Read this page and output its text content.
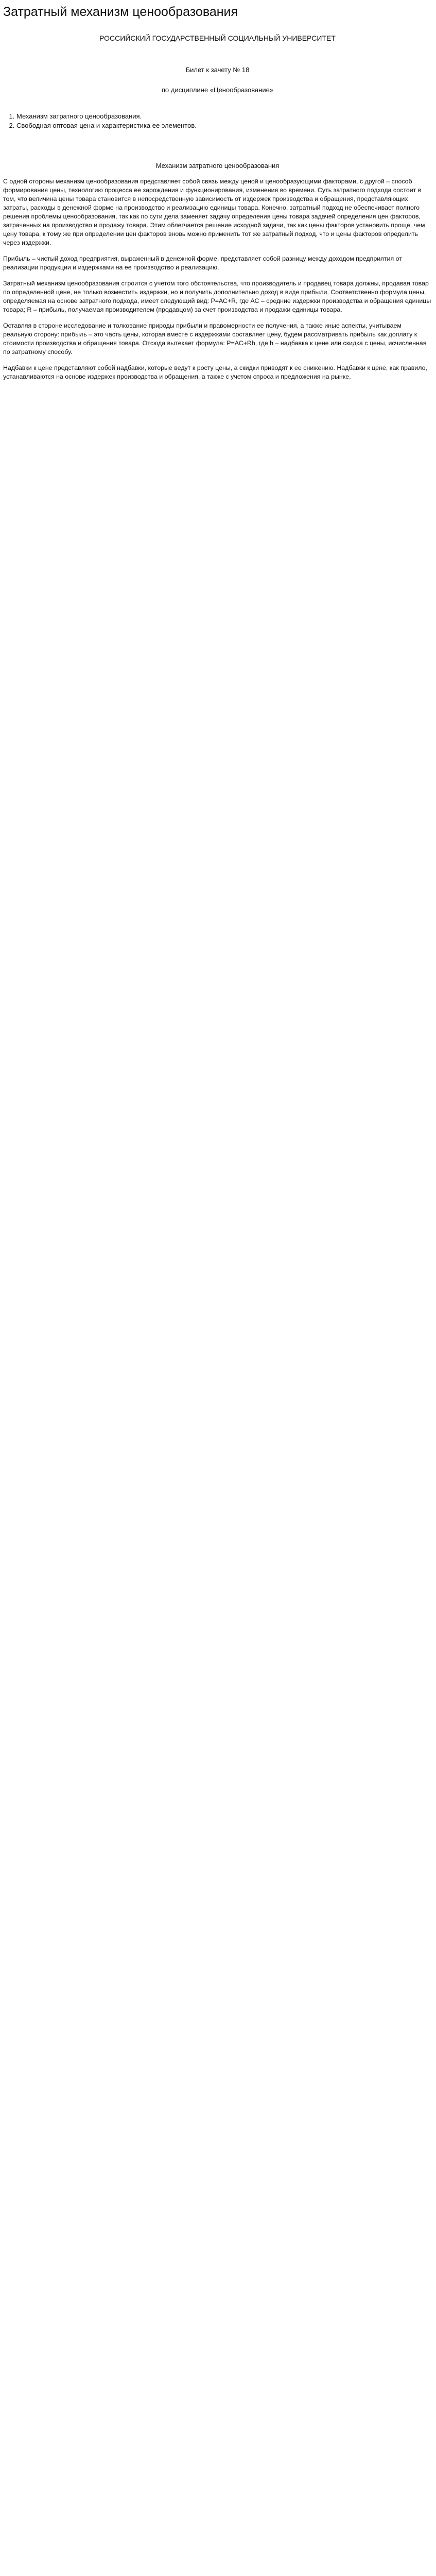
Затратный механизм ценообразования
РОССИЙСКИЙ ГОСУДАРСТВЕННЫЙ СОЦИАЛЬНЫЙ УНИВЕРСИТЕТ
Билет к зачету № 18
по дисциплине «Ценообразование»
1. Механизм затратного ценообразования.
2. Свободная оптовая цена и характеристика ее элементов.
Механизм затратного ценообразования

С одной стороны механизм ценообразования представляет собой связь между ценой и ценообразующими факторами, с другой – способ формирования цены, технологию процесса ее зарождения и функционирования, изменения во времени. Суть затратного подхода состоит в том, что величина цены товара становится в непосредственную зависимость от издержек производства и обращения, представляющих затраты, расходы в денежной форме на производство и реализацию единицы товара. Конечно, затратный подход не обеспечивает полного решения проблемы ценообразования, так как по сути дела заменяет задачу определения цены товара задачей определения цен факторов, затраченных на производство и продажу товара. Этим облегчается решение исходной задачи, так как цены факторов установить проще, чем цену товара, к тому же при определении цен факторов вновь можно применить тот же затратный подход, что и цены факторов определить через издержки.

Прибыль – чистый доход предприятия, выраженный в денежной форме, представляет собой разницу между доходом предприятия от реализации продукции и издержками на ее производство и реализацию.

Затратный механизм ценообразования строится с учетом того обстоятельства, что производитель и продавец товара должны, продавая товар по определенной цене, не только возместить издержки, но и получить дополнительно доход в виде прибыли. Соответственно формула цены, определяемая на основе затратного подхода, имеет следующий вид: Р=АС+R, где АС – средние издержки производства и обращения единицы товара; R – прибыль, получаемая производителем (продавцом) за счет производства и продажи единицы товара.

Оставляя в стороне исследование и толкование природы прибыли и правомерности ее получения, а также иные аспекты, учитываем реальную сторону: прибыль – это часть цены, которая вместе с издержками составляет цену, будем рассматривать прибыль как доплату к стоимости производства и обращения товара. Отсюда вытекает формула: Р=АС+Rh, где h – надбавка к цене или скидка с цены, исчисленная по затратному способу.

Надбавки к цене представляют собой надбавки, которые ведут к росту цены, а скидки приводят к ее снижению. Надбавки к цене, как правило, устанавливаются на основе издержек производства и обращения, а также с учетом спроса и предложения на рынке.
